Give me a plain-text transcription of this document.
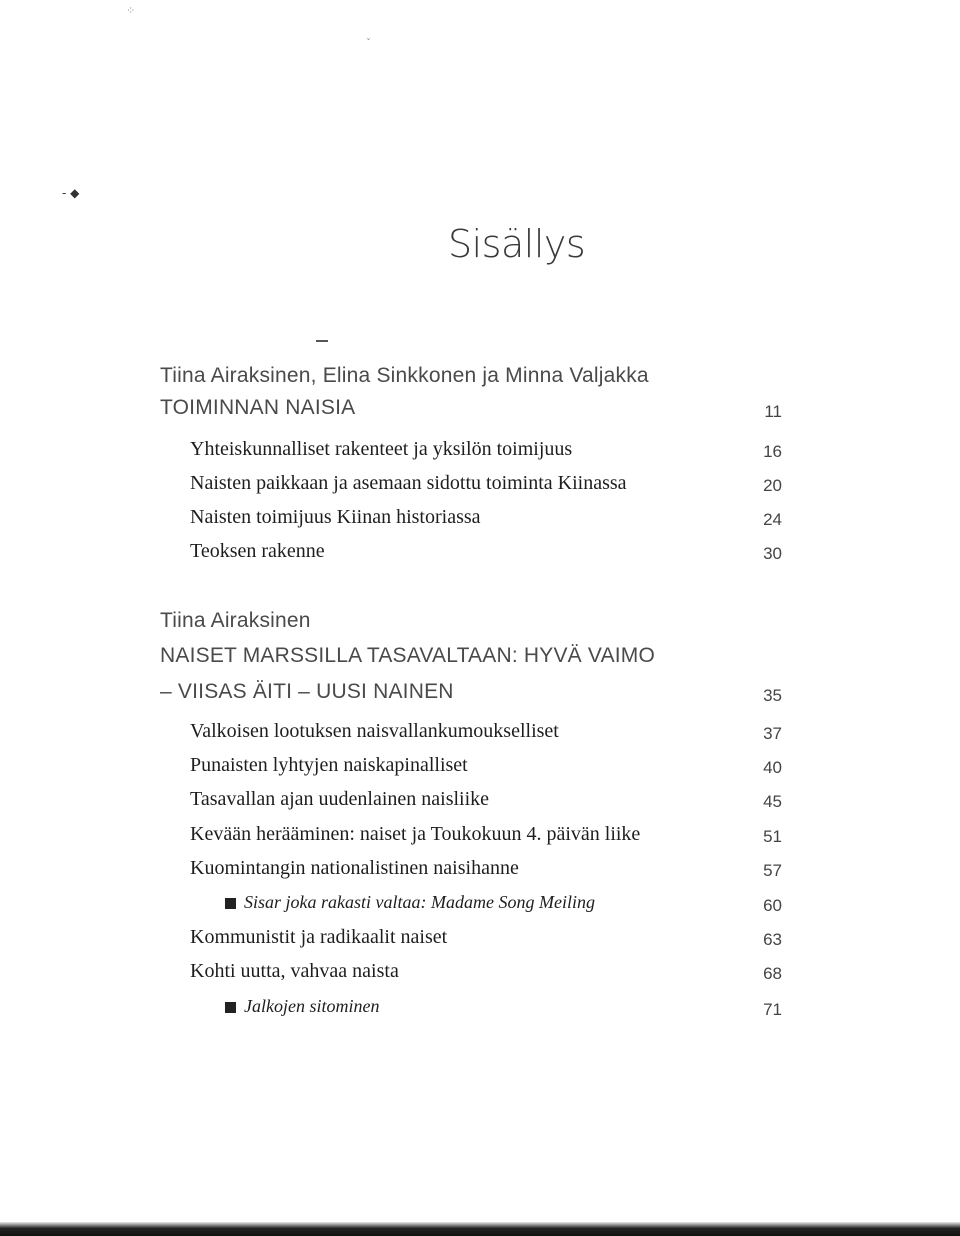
⁘
ˇ
- ◆
Sisällys
Tiina Airaksinen, Elina Sinkkonen ja Minna Valjakka
TOIMINNAN NAISIA	11
Yhteiskunnalliset rakenteet ja yksilön toimijuus	16
Naisten paikkaan ja asemaan sidottu toiminta Kiinassa	20
Naisten toimijuus Kiinan historiassa	24
Teoksen rakenne	30
Tiina Airaksinen
NAISET MARSSILLA TASAVALTAAN: HYVÄ VAIMO
– VIISAS ÄITI – UUSI NAINEN	35
Valkoisen lootuksen naisvallankumoukselliset	37
Punaisten lyhtyjen naiskapinalliset	40
Tasavallan ajan uudenlainen naisliike	45
Kevään herääminen: naiset ja Toukokuun 4. päivän liike	51
Kuomintangin nationalistinen naisihanne	57
Sisar joka rakasti valtaa: Madame Song Meiling	60
Kommunistit ja radikaalit naiset	63
Kohti uutta, vahvaa naista	68
Jalkojen sitominen	71
